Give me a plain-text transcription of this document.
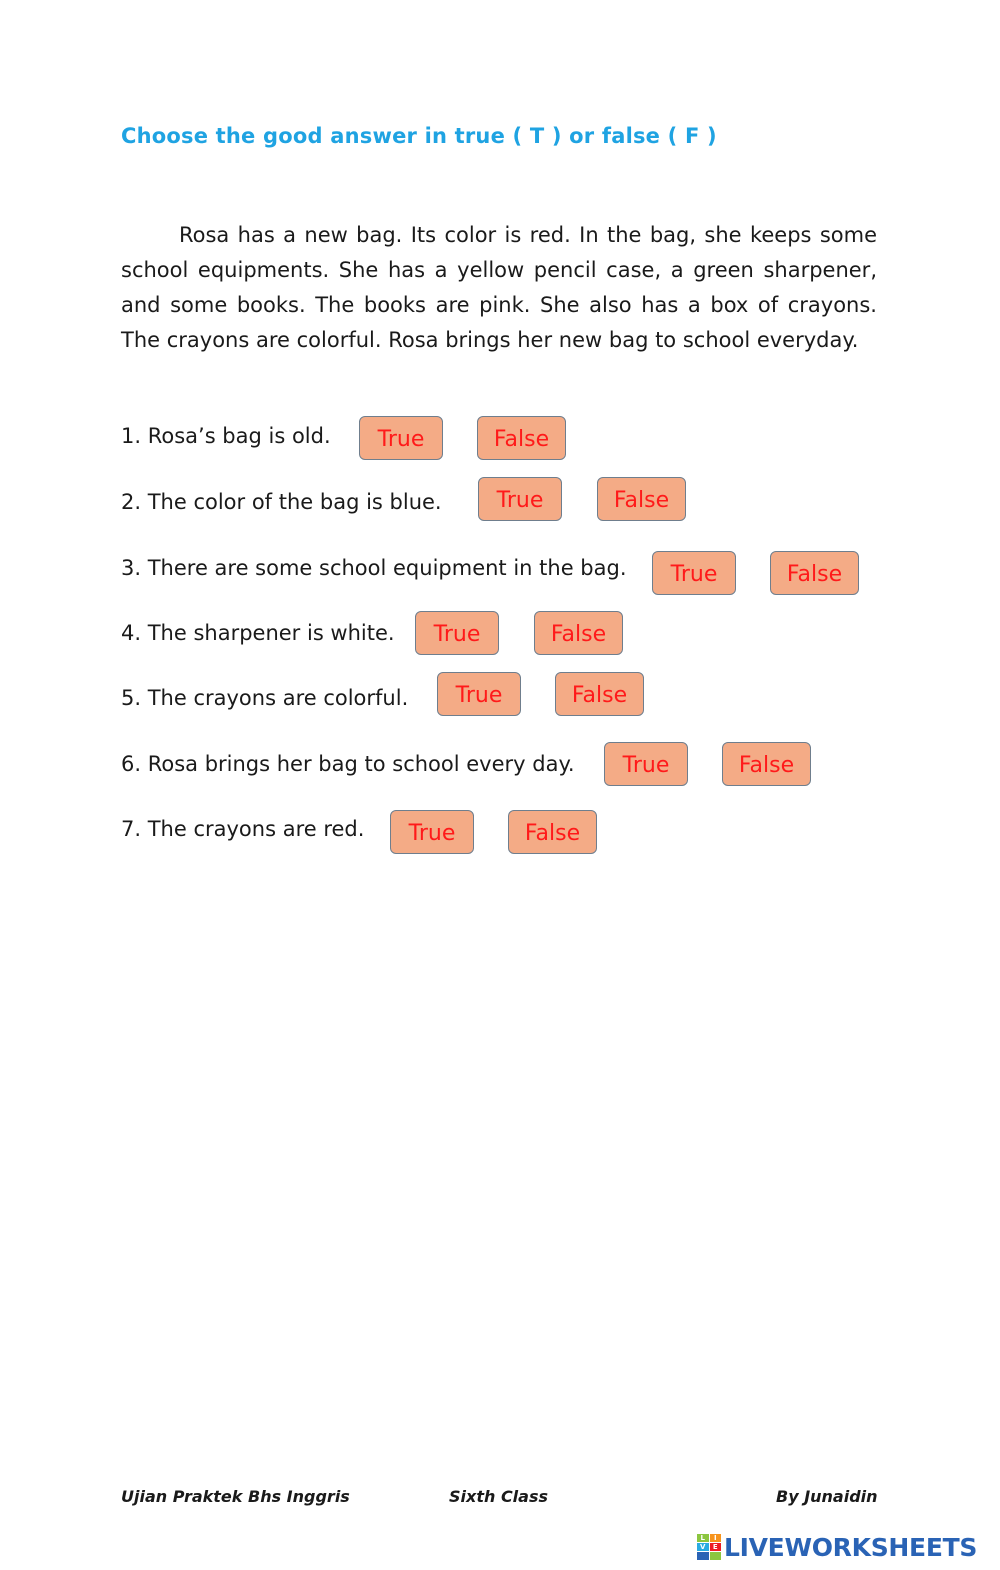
Choose the good answer in true ( T ) or false ( F )
Rosa has a new bag. Its color is red. In the bag, she keeps some school equipments. She has a yellow pencil case, a green sharpener, and some books. The books are pink. She also has a box of crayons. The crayons are colorful. Rosa brings her new bag to school everyday.
1. Rosa’s bag is old.	True	False
2. The color of the bag is blue.	True	False
3. There are some school equipment in the bag.	True	False
4. The sharpener is white.	True	False
5. The crayons are colorful.	True	False
6. Rosa brings her bag to school every day.	True	False
7. The crayons are red.	True	False
Ujian Praktek Bhs Inggris	Sixth Class	By Junaidin
L	I
V	E LIVEWORKSHEETS
